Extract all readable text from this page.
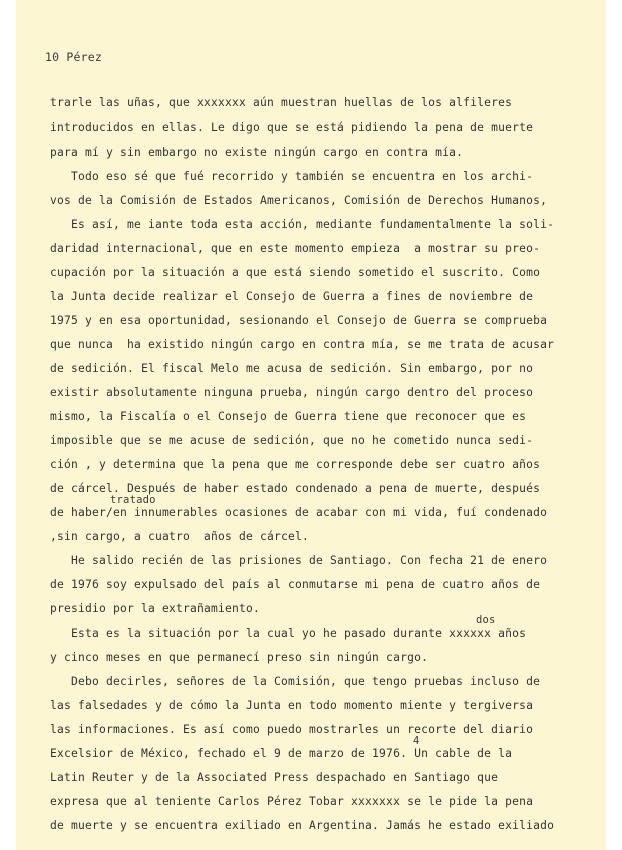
10 Pérez
trarle las uñas, que xxxxxxx aún muestran huellas de los alfileres
introducidos en ellas. Le digo que se está pidiendo la pena de muerte
para mí y sin embargo no existe ningún cargo en contra mía.
Todo eso sé que fué recorrido y también se encuentra en los archi-
vos de la Comisión de Estados Americanos, Comisión de Derechos Humanos,
Es así, me iante toda esta acción, mediante fundamentalmente la soli-
daridad internacional, que en este momento empieza  a mostrar su preo-
cupación por la situación a que está siendo sometido el suscrito. Como
la Junta decide realizar el Consejo de Guerra a fines de noviembre de
1975 y en esa oportunidad, sesionando el Consejo de Guerra se comprueba
que nunca  ha existido ningún cargo en contra mía, se me trata de acusar
de sedición. El fiscal Melo me acusa de sedición. Sin embargo, por no
existir absolutamente ninguna prueba, ningún cargo dentro del proceso
mismo, la Fiscalía o el Consejo de Guerra tiene que reconocer que es
imposible que se me acuse de sedición, que no he cometido nunca sedi-
ción , y determina que la pena que me corresponde debe ser cuatro años
de cárcel. Después de haber estado condenado a pena de muerte, después
tratado
de haber/en innumerables ocasiones de acabar con mi vida, fuí condenado
,sin cargo, a cuatro  años de cárcel.
He salido recién de las prisiones de Santiago. Con fecha 21 de enero
de 1976 soy expulsado del país al conmutarse mi pena de cuatro años de
presidio por la extrañamiento.
dos
Esta es la situación por la cual yo he pasado durante xxxxxx años
y cinco meses en que permanecí preso sin ningún cargo.
Debo decirles, señores de la Comisión, que tengo pruebas incluso de
las falsedades y de cómo la Junta en todo momento miente y tergiversa
las informaciones. Es así como puedo mostrarles un recorte del diario
4
Excelsior de México, fechado el 9 de marzo de 1976. Un cable de la
Latin Reuter y de la Associated Press despachado en Santiago que
expresa que al teniente Carlos Pérez Tobar xxxxxxx se le pide la pena
de muerte y se encuentra exiliado en Argentina. Jamás he estado exiliado
